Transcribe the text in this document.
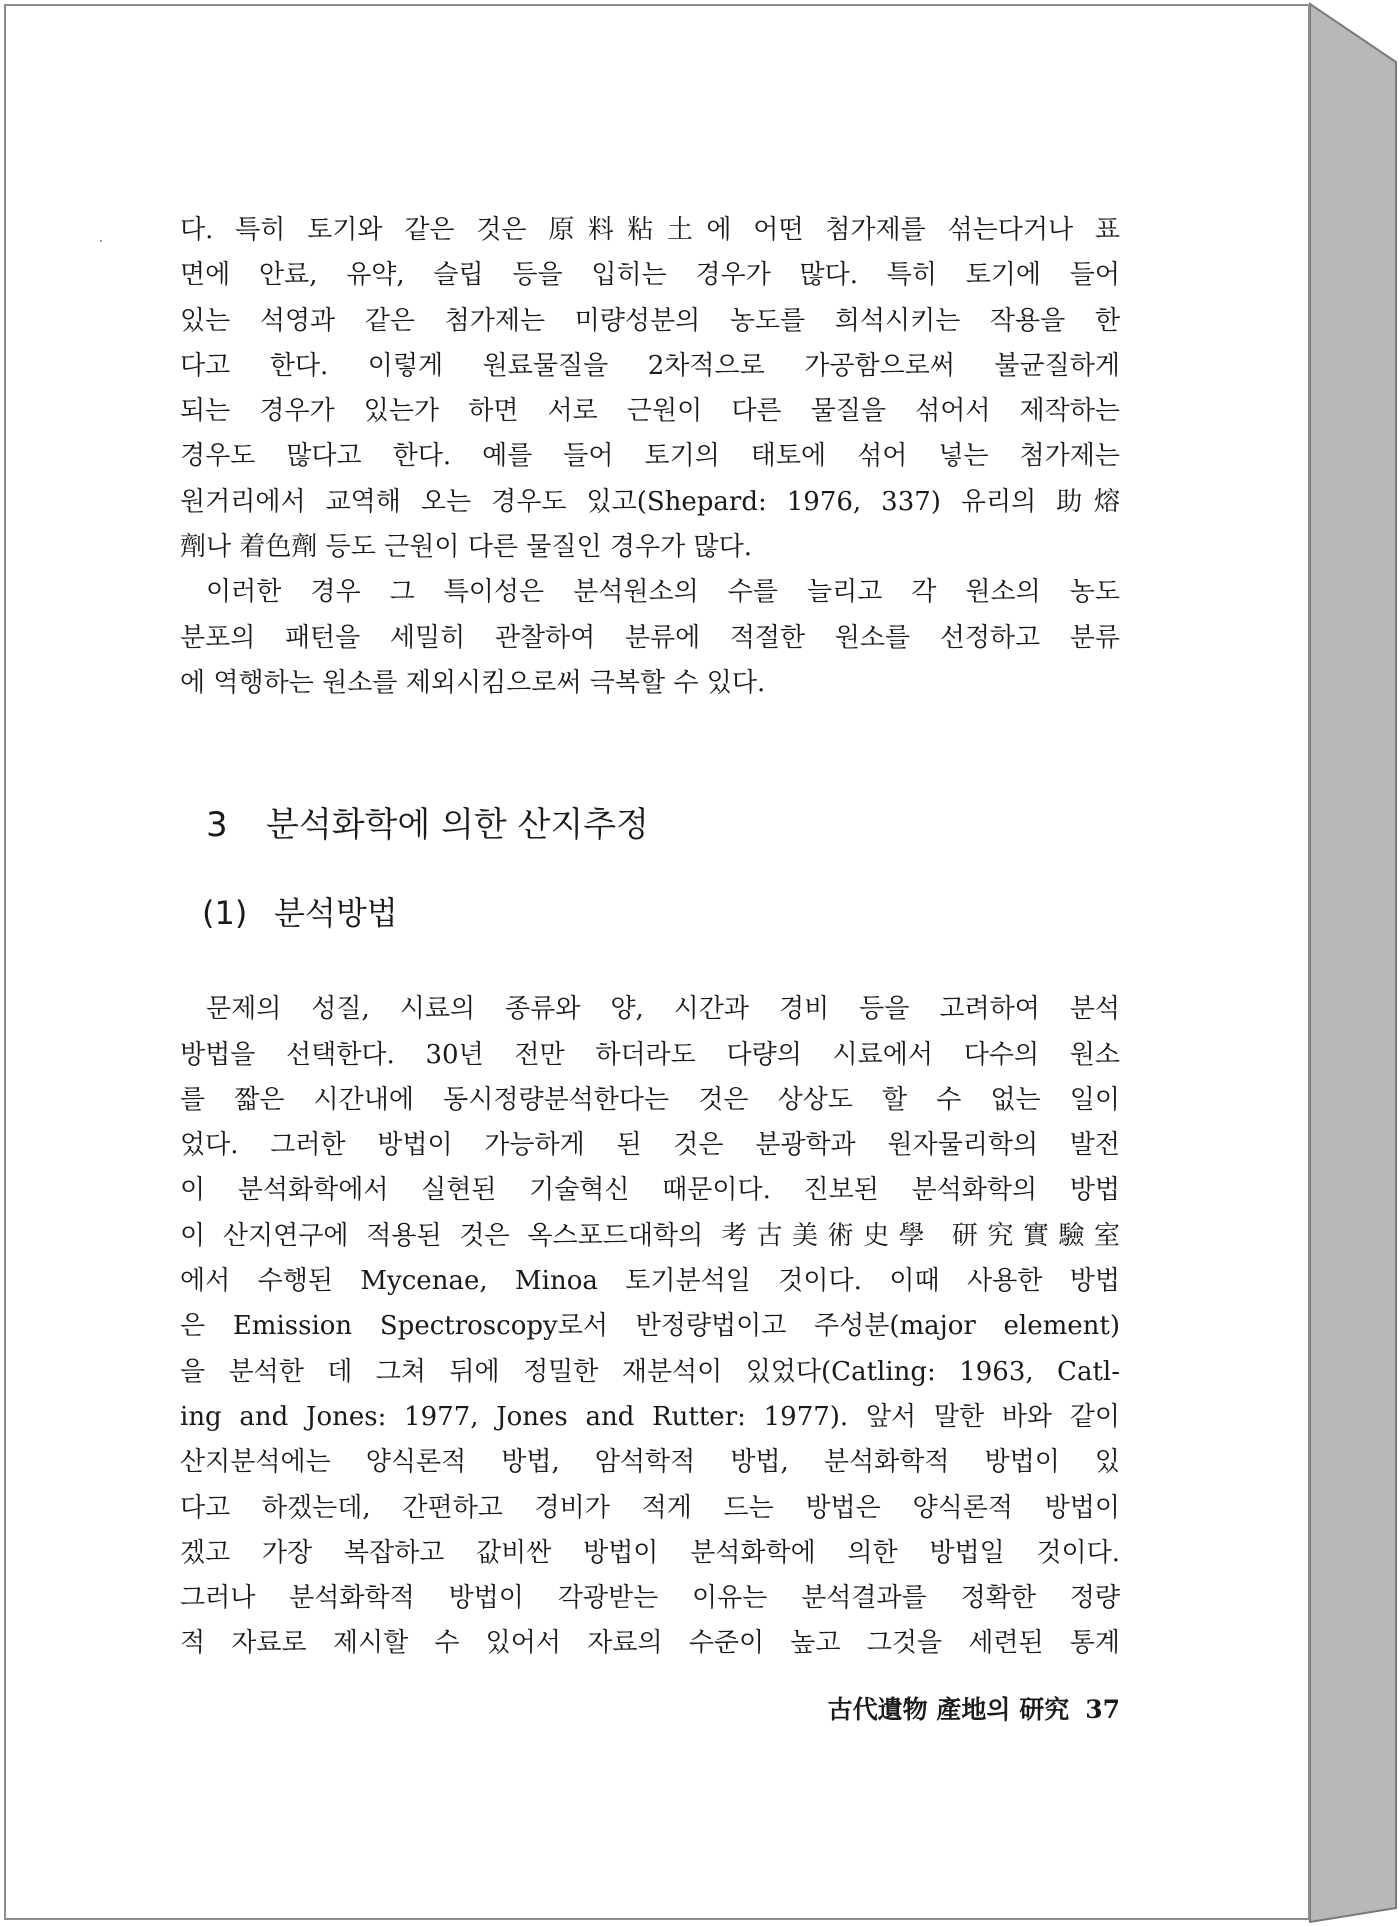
다. 특히 토기와 같은 것은 原料粘土에 어떤 첨가제를 섞는다거나 표
면에 안료, 유약, 슬립 등을 입히는 경우가 많다. 특히 토기에 들어
있는 석영과 같은 첨가제는 미량성분의 농도를 희석시키는 작용을 한
다고 한다. 이렇게 원료물질을 2차적으로 가공함으로써 불균질하게
되는 경우가 있는가 하면 서로 근원이 다른 물질을 섞어서 제작하는
경우도 많다고 한다. 예를 들어 토기의 태토에 섞어 넣는 첨가제는
원거리에서 교역해 오는 경우도 있고(Shepard: 1976, 337) 유리의 助熔
劑나 着色劑 등도 근원이 다른 물질인 경우가 많다.
이러한 경우 그 특이성은 분석원소의 수를 늘리고 각 원소의 농도
분포의 패턴을 세밀히 관찰하여 분류에 적절한 원소를 선정하고 분류
에 역행하는 원소를 제외시킴으로써 극복할 수 있다.
3 분석화학에 의한 산지추정
(1) 분석방법
문제의 성질, 시료의 종류와 양, 시간과 경비 등을 고려하여 분석
방법을 선택한다. 30년 전만 하더라도 다량의 시료에서 다수의 원소
를 짧은 시간내에 동시정량분석한다는 것은 상상도 할 수 없는 일이
었다. 그러한 방법이 가능하게 된 것은 분광학과 원자물리학의 발전
이 분석화학에서 실현된 기술혁신 때문이다. 진보된 분석화학의 방법
이 산지연구에 적용된 것은 옥스포드대학의 考古美術史學 研究實驗室
에서 수행된 Mycenae, Minoa 토기분석일 것이다. 이때 사용한 방법
은 Emission Spectroscopy로서 반정량법이고 주성분(major element)
을 분석한 데 그쳐 뒤에 정밀한 재분석이 있었다(Catling: 1963, Catl-
ing and Jones: 1977, Jones and Rutter: 1977). 앞서 말한 바와 같이
산지분석에는 양식론적 방법, 암석학적 방법, 분석화학적 방법이 있
다고 하겠는데, 간편하고 경비가 적게 드는 방법은 양식론적 방법이
겠고 가장 복잡하고 값비싼 방법이 분석화학에 의한 방법일 것이다.
그러나 분석화학적 방법이 각광받는 이유는 분석결과를 정확한 정량
적 자료로 제시할 수 있어서 자료의 수준이 높고 그것을 세련된 통계
古代遺物 產地의 研究 37
